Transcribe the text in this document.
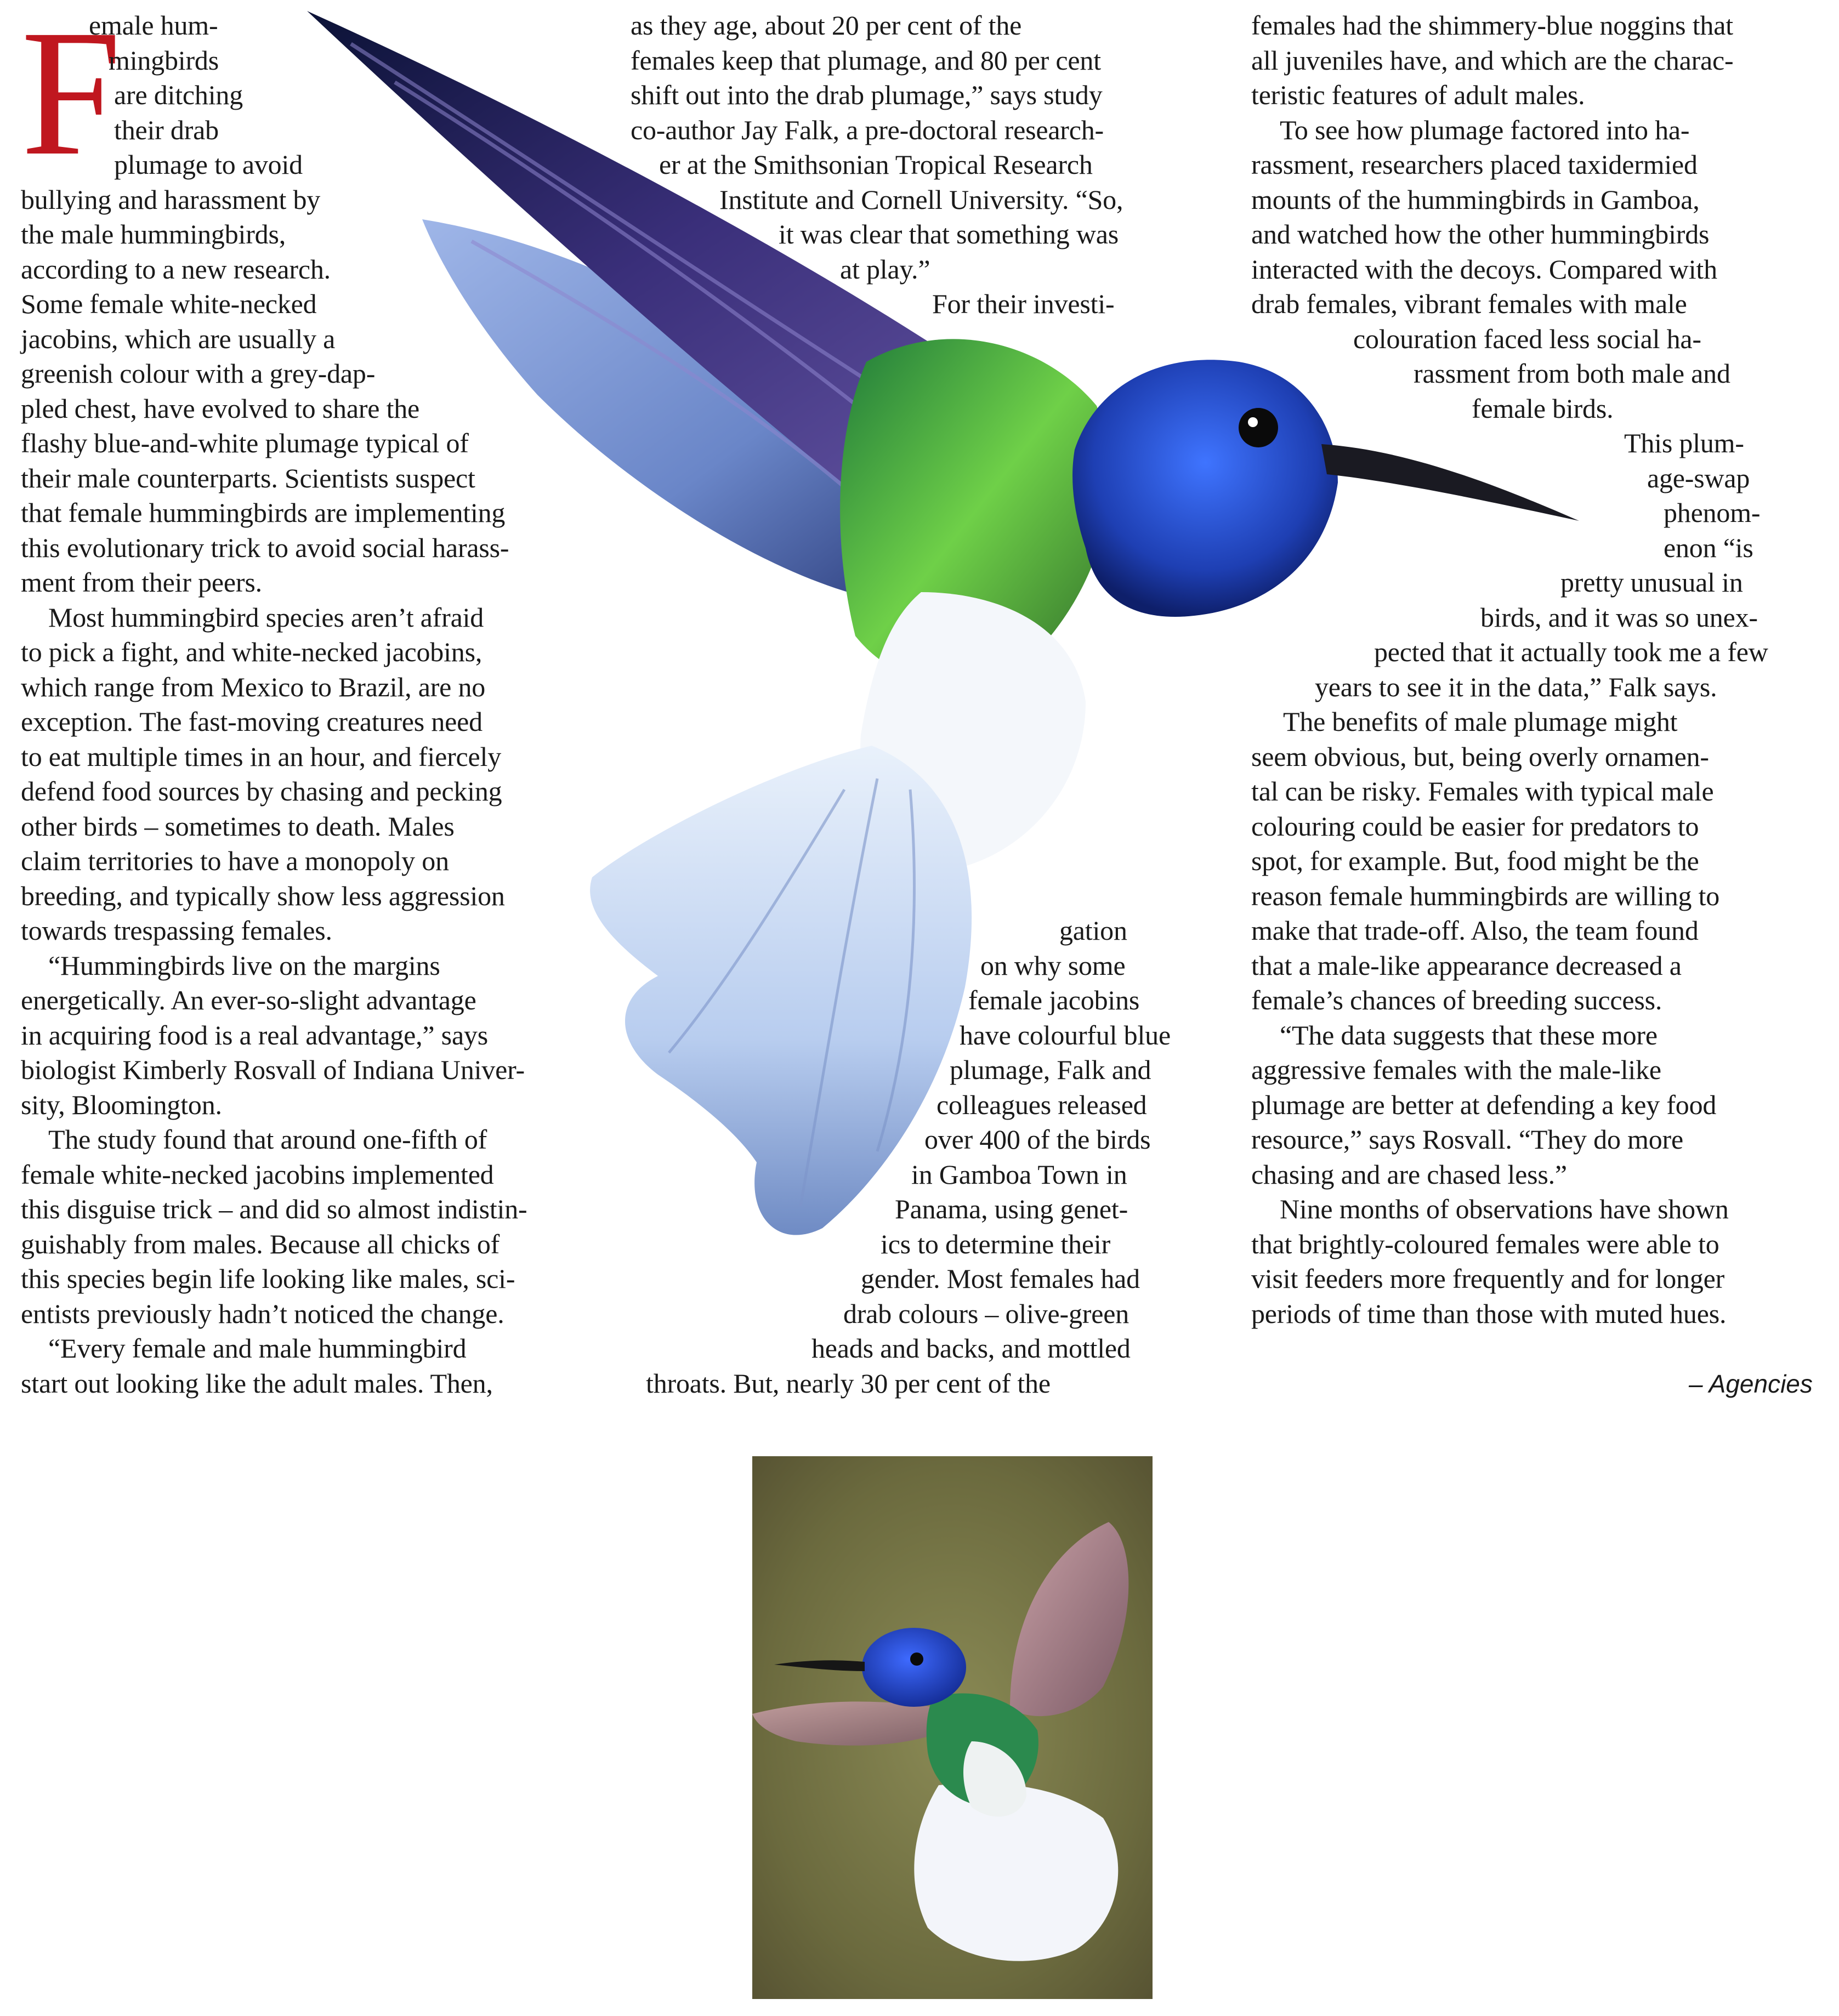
F
emale hum-
mingbirds
are ditching
their drab
plumage to avoid
bullying and harassment by
the male hummingbirds,
according to a new research.
Some female white-necked
jacobins, which are usually a
greenish colour with a grey-dap-
pled chest, have evolved to share the
flashy blue-and-white plumage typical of
their male counterparts. Scientists suspect
that female hummingbirds are implementing
this evolutionary trick to avoid social harass-
ment from their peers.
Most hummingbird species aren’t afraid
to pick a fight, and white-necked jacobins,
which range from Mexico to Brazil, are no
exception. The fast-moving creatures need
to eat multiple times in an hour, and fiercely
defend food sources by chasing and pecking
other birds – sometimes to death. Males
claim territories to have a monopoly on
breeding, and typically show less aggression
towards trespassing females.
“Hummingbirds live on the margins
energetically. An ever-so-slight advantage
in acquiring food is a real advantage,” says
biologist Kimberly Rosvall of Indiana Univer-
sity, Bloomington.
The study found that around one-fifth of
female white-necked jacobins implemented
this disguise trick – and did so almost indistin-
guishably from males. Because all chicks of
this species begin life looking like males, sci-
entists previously hadn’t noticed the change.
“Every female and male hummingbird
start out looking like the adult males. Then,
as they age, about 20 per cent of the
females keep that plumage, and 80 per cent
shift out into the drab plumage,” says study
co-author Jay Falk, a pre-doctoral research-
er at the Smithsonian Tropical Research
Institute and Cornell University. “So,
it was clear that something was
at play.”
For their investi-
gation
on why some
female jacobins
have colourful blue
plumage, Falk and
colleagues released
over 400 of the birds
in Gamboa Town in
Panama, using genet-
ics to determine their
gender. Most females had
drab colours – olive-green
heads and backs, and mottled
throats. But, nearly 30 per cent of the
females had the shimmery-blue noggins that
all juveniles have, and which are the charac-
teristic features of adult males.
To see how plumage factored into ha-
rassment, researchers placed taxidermied
mounts of the hummingbirds in Gamboa,
and watched how the other hummingbirds
interacted with the decoys. Compared with
drab females, vibrant females with male
colouration faced less social ha-
rassment from both male and
female birds.
This plum-
age-swap
phenom-
enon “is
pretty unusual in
birds, and it was so unex-
pected that it actually took me a few
years to see it in the data,” Falk says.
The benefits of male plumage might
seem obvious, but, being overly ornamen-
tal can be risky. Females with typical male
colouring could be easier for predators to
spot, for example. But, food might be the
reason female hummingbirds are willing to
make that trade-off. Also, the team found
that a male-like appearance decreased a
female’s chances of breeding success.
“The data suggests that these more
aggressive females with the male-like
plumage are better at defending a key food
resource,” says Rosvall. “They do more
chasing and are chased less.”
Nine months of observations have shown
that brightly-coloured females were able to
visit feeders more frequently and for longer
periods of time than those with muted hues.
– Agencies
